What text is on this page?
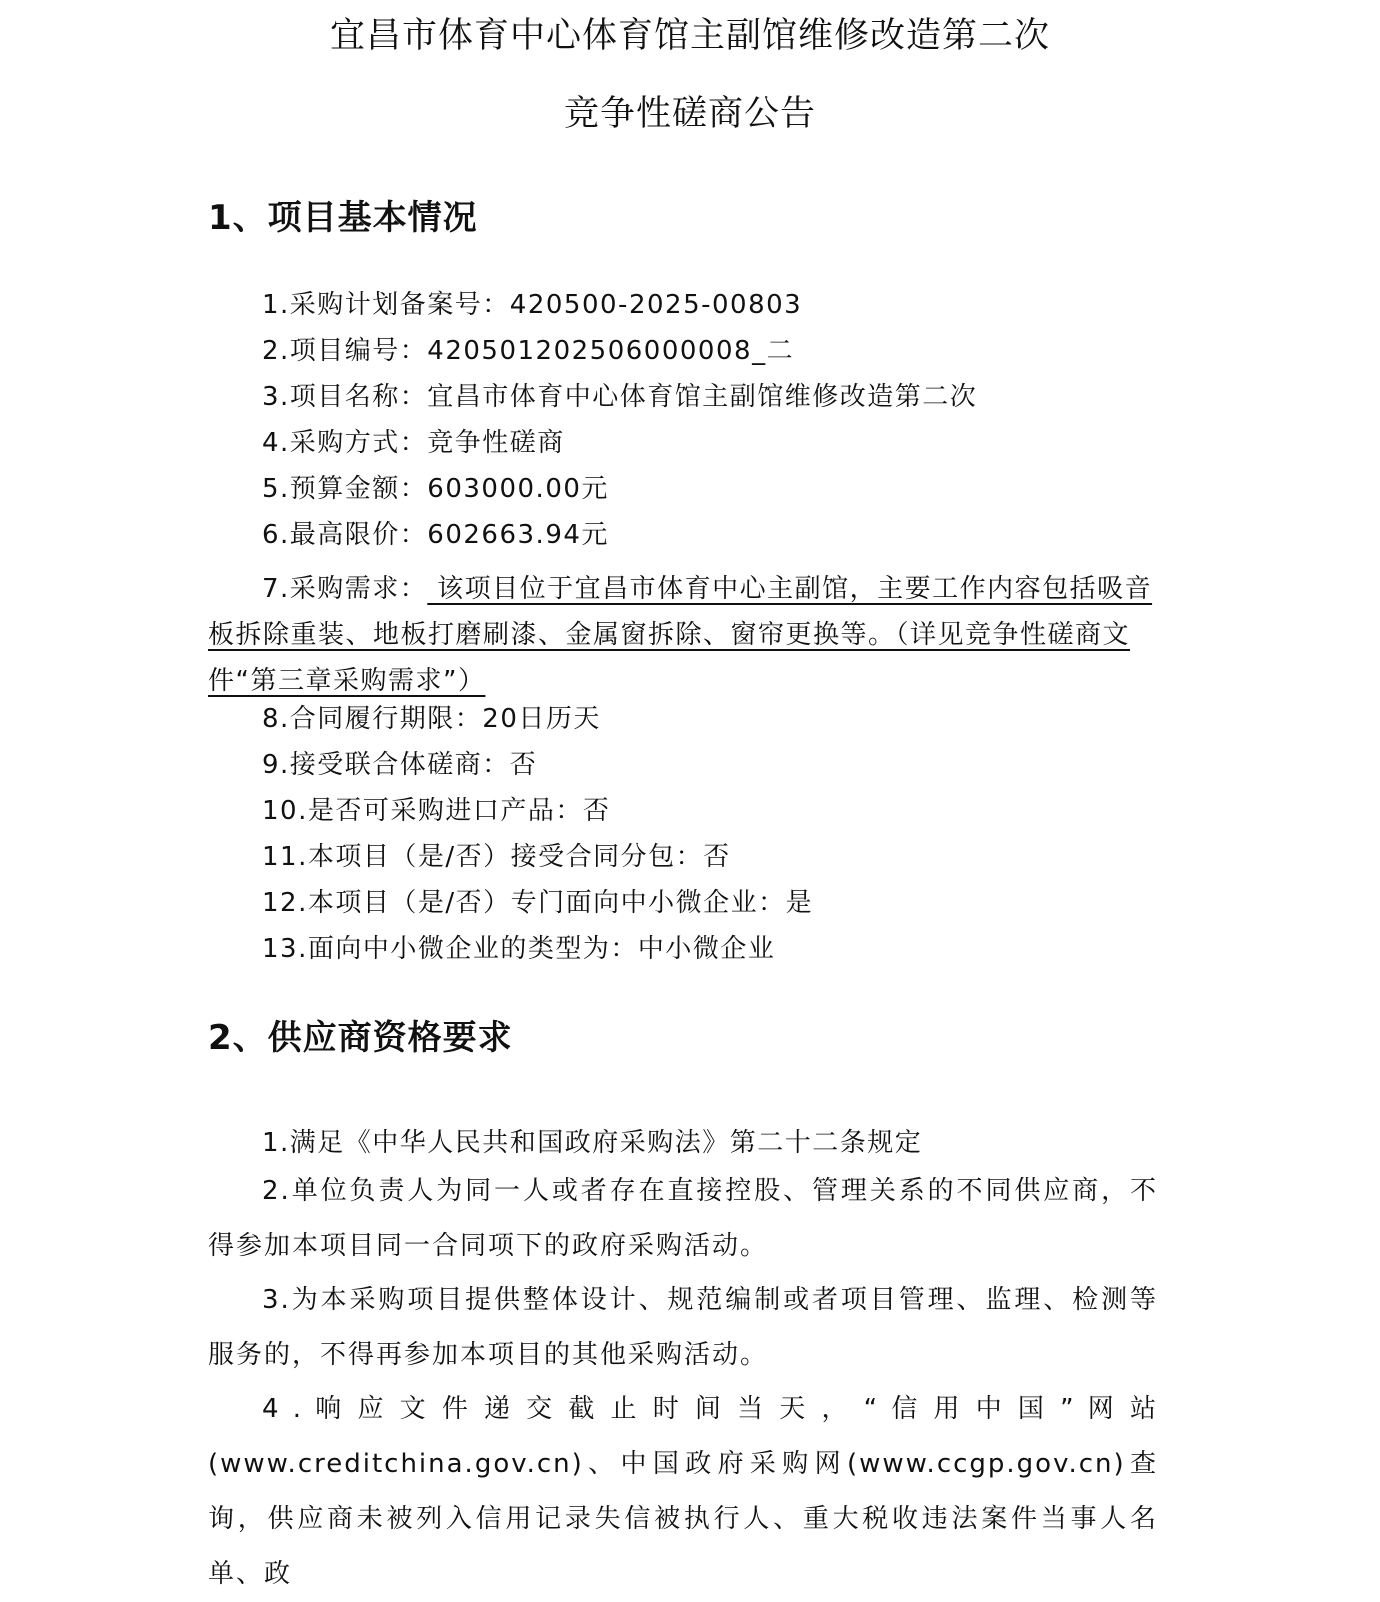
宜昌市体育中心体育馆主副馆维修改造第二次
竞争性磋商公告
1、项目基本情况
1.采购计划备案号：420500-2025-00803
2.项目编号：420501202506000008_二
3.项目名称：宜昌市体育中心体育馆主副馆维修改造第二次
4.采购方式：竞争性磋商
5.预算金额：603000.00元
6.最高限价：602663.94元
7.采购需求： 该项目位于宜昌市体育中心主副馆，主要工作内容包括吸音板拆除重装、地板打磨刷漆、金属窗拆除、窗帘更换等。（详见竞争性磋商文件“第三章采购需求”）
8.合同履行期限：20日历天
9.接受联合体磋商：否
10.是否可采购进口产品：否
11.本项目（是/否）接受合同分包：否
12.本项目（是/否）专门面向中小微企业：是
13.面向中小微企业的类型为：中小微企业
2、供应商资格要求
1.满足《中华人民共和国政府采购法》第二十二条规定
2.单位负责人为同一人或者存在直接控股、管理关系的不同供应商，不得参加本项目同一合同项下的政府采购活动。
3.为本采购项目提供整体设计、规范编制或者项目管理、监理、检测等服务的，不得再参加本项目的其他采购活动。
4 . 响 应 文 件 递 交 截 止 时 间 当 天 ， “ 信 用 中 国 ” 网 站(www.creditchina.gov.cn)、中国政府采购网(www.ccgp.gov.cn)查询，供应商未被列入信用记录失信被执行人、重大税收违法案件当事人名单、政
